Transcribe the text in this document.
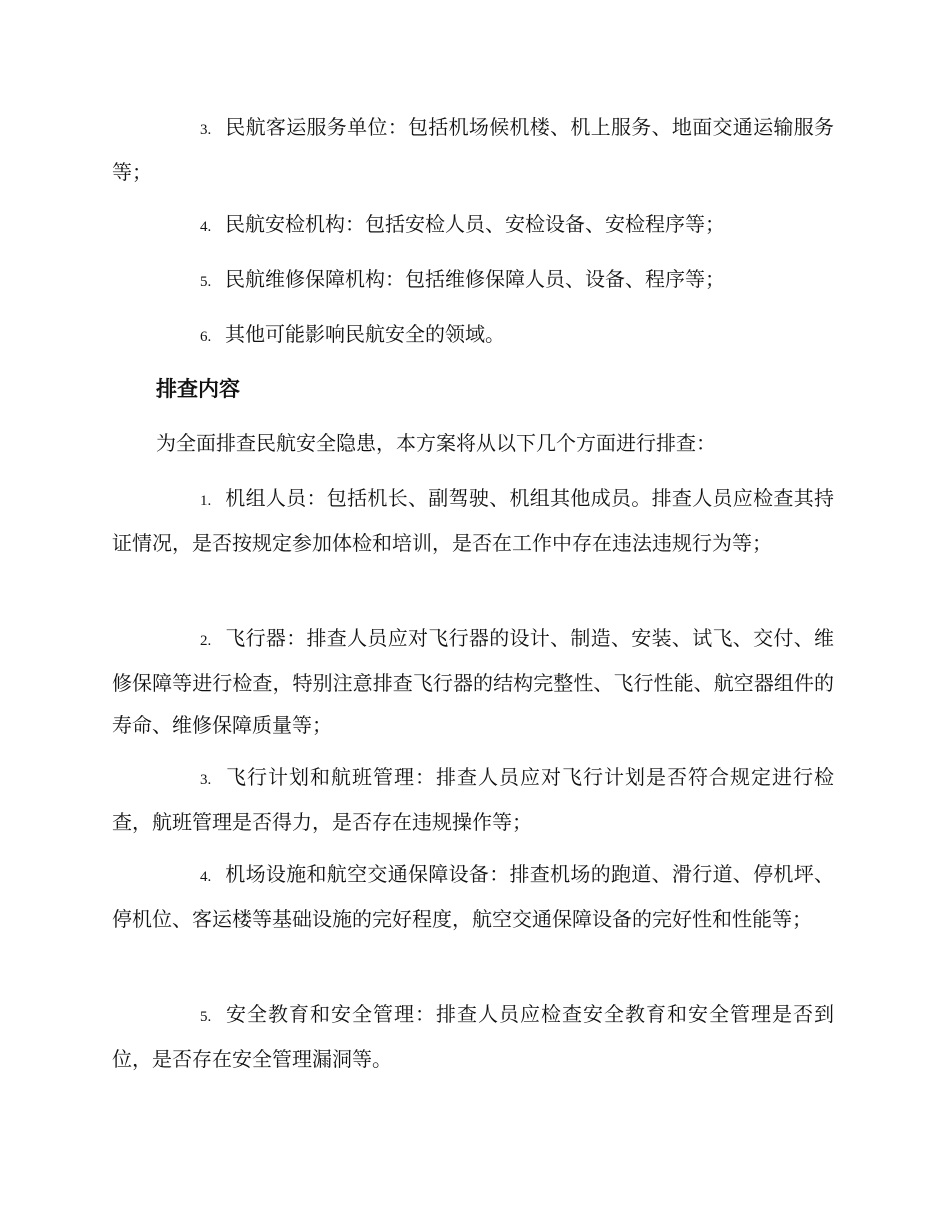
3. 民航客运服务单位：包括机场候机楼、机上服务、地面交通运输服务等；
4. 民航安检机构：包括安检人员、安检设备、安检程序等；
5. 民航维修保障机构：包括维修保障人员、设备、程序等；
6. 其他可能影响民航安全的领域。
排查内容
为全面排查民航安全隐患，本方案将从以下几个方面进行排查：
1. 机组人员：包括机长、副驾驶、机组其他成员。排查人员应检查其持证情况，是否按规定参加体检和培训，是否在工作中存在违法违规行为等；
2. 飞行器：排查人员应对飞行器的设计、制造、安装、试飞、交付、维修保障等进行检查，特别注意排查飞行器的结构完整性、飞行性能、航空器组件的寿命、维修保障质量等；
3. 飞行计划和航班管理：排查人员应对飞行计划是否符合规定进行检查，航班管理是否得力，是否存在违规操作等；
4. 机场设施和航空交通保障设备：排查机场的跑道、滑行道、停机坪、停机位、客运楼等基础设施的完好程度，航空交通保障设备的完好性和性能等；
5. 安全教育和安全管理：排查人员应检查安全教育和安全管理是否到位，是否存在安全管理漏洞等。
